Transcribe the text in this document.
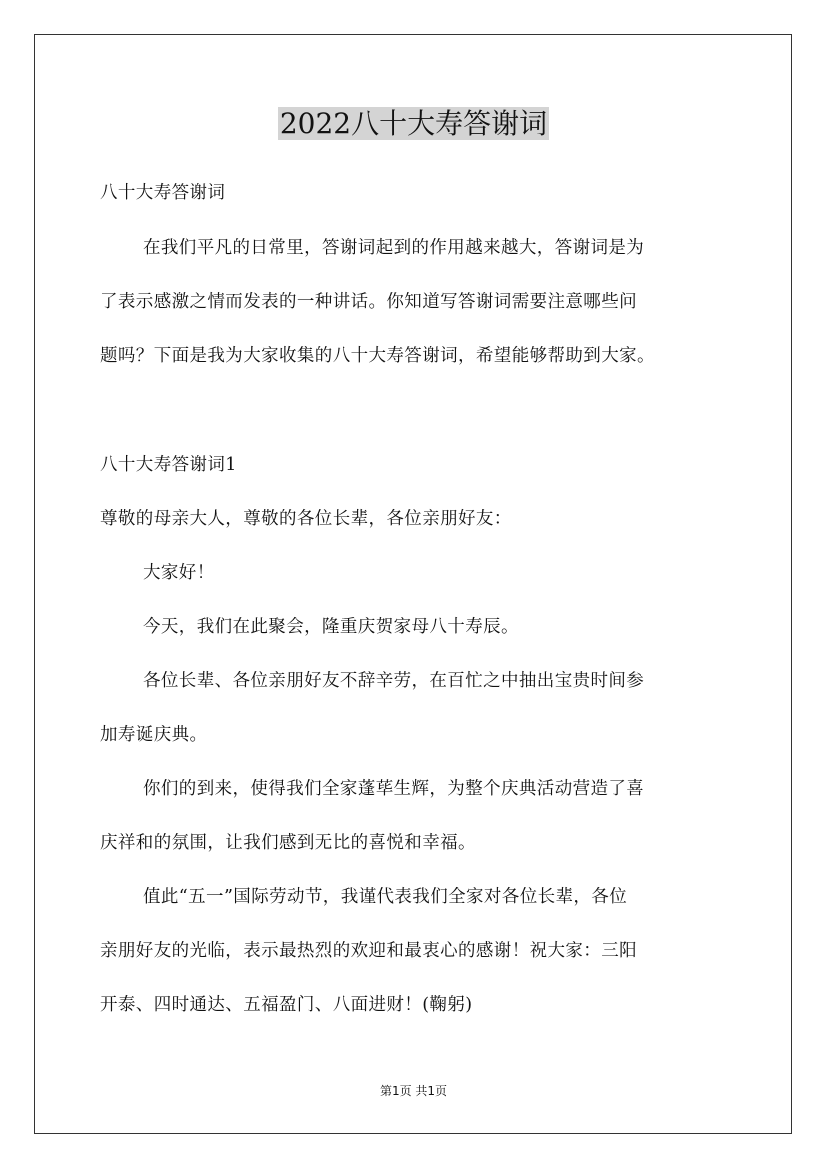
2022八十大寿答谢词
八十大寿答谢词
在我们平凡的日常里，答谢词起到的作用越来越大，答谢词是为
了表示感激之情而发表的一种讲话。你知道写答谢词需要注意哪些问
题吗？下面是我为大家收集的八十大寿答谢词，希望能够帮助到大家。
八十大寿答谢词1
尊敬的母亲大人，尊敬的各位长辈，各位亲朋好友：
大家好！
今天，我们在此聚会，隆重庆贺家母八十寿辰。
各位长辈、各位亲朋好友不辞辛劳，在百忙之中抽出宝贵时间参
加寿诞庆典。
你们的到来，使得我们全家蓬荜生辉，为整个庆典活动营造了喜
庆祥和的氛围，让我们感到无比的喜悦和幸福。
值此“五一”国际劳动节，我谨代表我们全家对各位长辈，各位
亲朋好友的光临，表示最热烈的欢迎和最衷心的感谢！祝大家：三阳
开泰、四时通达、五福盈门、八面进财！(鞠躬)
第1页 共1页
